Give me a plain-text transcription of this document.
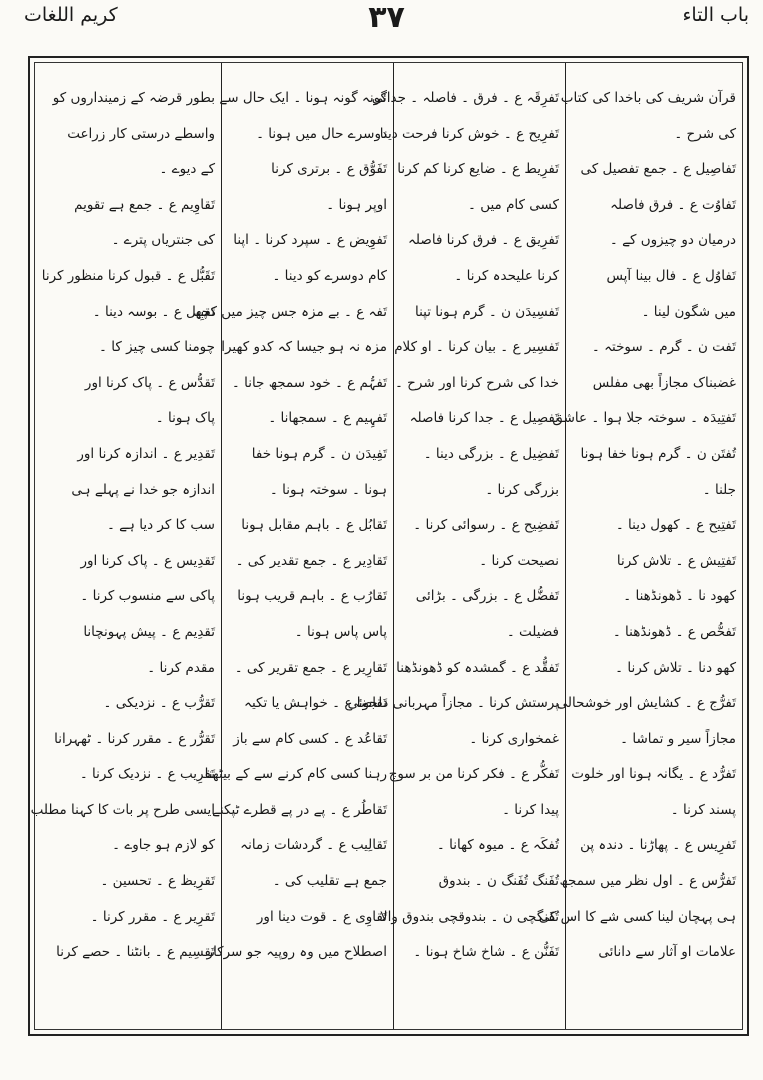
باب التاء
٣٧
کریم اللغات
قرآن شریف کی باخدا کی کتاب
کی شرح ۔
تَفاصِیل ع ۔ جمع تفصیل کی
تَفاوُت ع ۔ فرق فاصلہ
درمیان دو چیزوں کے ۔
تَفاوُل ع ۔ فال بینا آپس
میں شگون لینا ۔
تَفت ن ۔ گرم ۔ سوختہ ۔
غضبناک مجازاً بھی مفلس
تَفتِیدَہ ۔ سوختہ جلا ہوا ۔ عاشق
تُفتَن ن ۔ گرم ہونا خفا ہونا
جلنا ۔
تَفتِیح ع ۔ کھول دینا ۔
تَفتِیش ع ۔ تلاش کرنا
کھود نا ۔ ڈھونڈھنا ۔
تَفحُّص ع ۔ ڈھونڈھنا ۔
کھو دنا ۔ تلاش کرنا ۔
تَفرُّج ع ۔ کشایش اور خوشحالی
مجازاً سیر و تماشا ۔
تَفرُّد ع ۔ یگانہ ہونا اور خلوت
پسند کرنا ۔
تَفرِیس ع ۔ پھاڑنا ۔ دندہ پن
تَفرُّس ع ۔ اول نظر میں سمجھ
ہی پہچان لینا کسی شے کا اس کی
علامات او آثار سے دانائی
تَفرِقَہ ع ۔ فرق ۔ فاصلہ ۔ جدائی
تَفرِیح ع ۔ خوش کرنا فرحت دینا
تَفرِیط ع ۔ ضایع کرنا کم کرنا
کسی کام میں ۔
تَفرِیق ع ۔ فرق کرنا فاصلہ
کرنا علیحدہ کرنا ۔
تَفسِیدَن ن ۔ گرم ہونا تپنا
تَفسِیر ع ۔ بیان کرنا ۔ او کلام
خدا کی شرح کرنا اور شرح ۔
تَفصِیل ع ۔ جدا کرنا فاصلہ
تَفضِیل ع ۔ بزرگی دینا ۔
بزرگی کرنا ۔
تَفضِیح ع ۔ رسوائی کرنا ۔
نصیحت کرنا ۔
تَفضُّل ع ۔ بزرگی ۔ بڑائی
فضیلت ۔
تَفقُّد ع ۔ گمشدہ کو ڈھونڈھنا
پرستش کرنا ۔ مجازاً مہربانی دلجوئی
غمخواری کرنا ۔
تَفکُّر ع ۔ فکر کرنا من بر سوچ
پیدا کرنا ۔
تُفکَہ ع ۔ میوہ کھانا ۔
تُفَنگ تُفَنگ ن ۔ بندوق
تُفَنگچی ن ۔ بندوقچی بندوق والا
تَفَنُّن ع ۔ شاخ شاخ ہونا ۔
گونہ گونہ ہونا ۔ ایک حال سے
دوسرے حال میں ہونا ۔
تَفَوُّق ع ۔ برتری کرنا
اوپر ہونا ۔
تَفوِیض ع ۔ سپرد کرنا ۔ اپنا
کام دوسرے کو دینا ۔
تَفہ ع ۔ بے مزہ جس چیز میں کچھ
مزہ نہ ہو جیسا کہ کدو کھیرا
تَفہُّم ع ۔ خود سمجھ جانا ۔
تَفہِیم ع ۔ سمجھانا ۔
تَفِیدَن ن ۔ گرم ہونا خفا
ہونا ۔ سوختہ ہونا ۔
تَقابُل ع ۔ باہم مقابل ہونا
تَقادِیر ع ۔ جمع تقدیر کی ۔
تَقارُب ع ۔ باہم قریب ہونا
پاس پاس ہونا ۔
تَقارِیر ع ۔ جمع تقریر کی ۔
تَقاضا ع ۔ خواہش یا تکیہ
تَقاعُد ع ۔ کسی کام سے باز
رہنا کسی کام کرنے سے کے بیٹھنا
تَقاطُر ع ۔ پے در پے قطرے ٹپکنے
تَقالِیب ع ۔ گردشات زمانہ
جمع ہے تقلیب کی ۔
تَقاوِی ع ۔ قوت دینا اور
اصطلاح میں وہ روپیہ جو سرکار
بطور قرضہ کے زمینداروں کو
واسطے درستی کار زراعت
کے دیوے ۔
تَقاوِیم ع ۔ جمع ہے تقویم
کی جنتریاں پترے ۔
تَقَبُّل ع ۔ قبول کرنا منظور کرنا
تَقبِیل ع ۔ بوسہ دینا ۔
چومنا کسی چیز کا ۔
تَقدُّس ع ۔ پاک کرنا اور
پاک ہونا ۔
تَقدِیر ع ۔ اندازہ کرنا اور
اندازہ جو خدا نے پہلے ہی
سب کا کر دیا ہے ۔
تَقدِیس ع ۔ پاک کرنا اور
پاکی سے منسوب کرنا ۔
تَقدِیم ع ۔ پیش پہونچانا
مقدم کرنا ۔
تَقرُّب ع ۔ نزدیکی ۔
تَقرُّر ع ۔ مقرر کرنا ۔ ٹھہرانا
تَقرِیب ع ۔ نزدیک کرنا ۔
ایسی طرح پر بات کا کہنا مطلب
کو لازم ہو جاوے ۔
تَقرِیظ ع ۔ تحسین ۔
تَقرِیر ع ۔ مقرر کرنا ۔
تَقسِیم ع ۔ بانٹنا ۔ حصے کرنا
